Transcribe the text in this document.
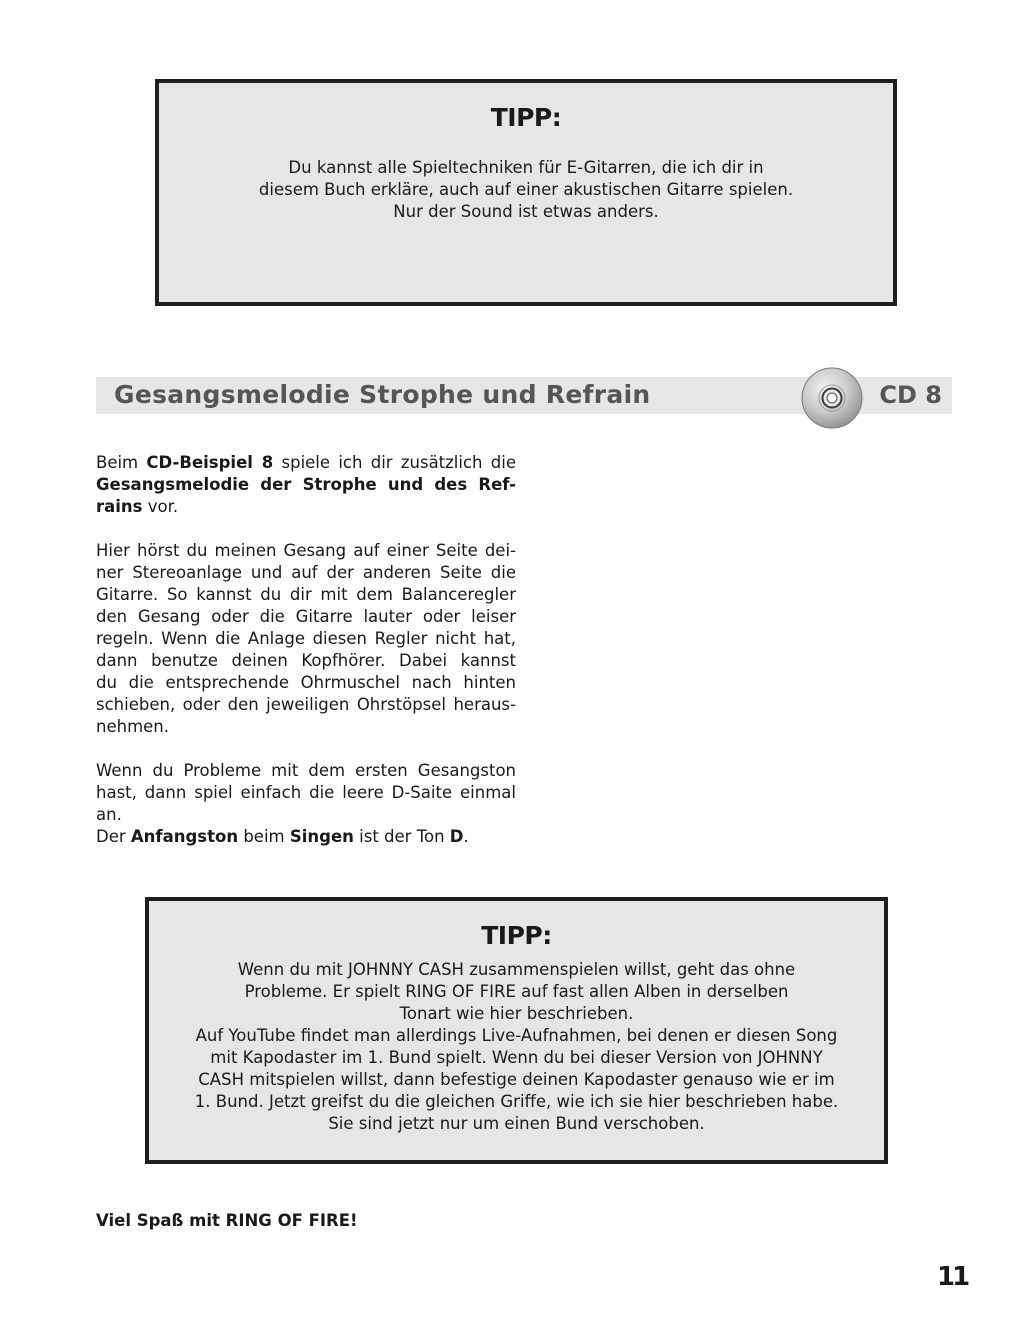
TIPP:
Du kannst alle Spieltechniken für E-Gitarren, die ich dir in
diesem Buch erkläre, auch auf einer akustischen Gitarre spielen.
Nur der Sound ist etwas anders.
Gesangsmelodie Strophe und Refrain	CD 8
Beim CD-Beispiel 8 spiele ich dir zusätzlich die
Gesangsmelodie der Strophe und des Ref-
rains vor.
Hier hörst du meinen Gesang auf einer Seite dei-
ner Stereoanlage und auf der anderen Seite die
Gitarre. So kannst du dir mit dem Balanceregler
den Gesang oder die Gitarre lauter oder leiser
regeln. Wenn die Anlage diesen Regler nicht hat,
dann benutze deinen Kopfhörer. Dabei kannst
du die entsprechende Ohrmuschel nach hinten
schieben, oder den jeweiligen Ohrstöpsel heraus-
nehmen.
Wenn du Probleme mit dem ersten Gesangston
hast, dann spiel einfach die leere D-Saite einmal
an.
Der Anfangston beim Singen ist der Ton D.
TIPP:
Wenn du mit JOHNNY CASH zusammenspielen willst, geht das ohne
Probleme. Er spielt RING OF FIRE auf fast allen Alben in derselben
Tonart wie hier beschrieben.
Auf YouTube findet man allerdings Live-Aufnahmen, bei denen er diesen Song
mit Kapodaster im 1. Bund spielt. Wenn du bei dieser Version von JOHNNY
CASH mitspielen willst, dann befestige deinen Kapodaster genauso wie er im
1. Bund. Jetzt greifst du die gleichen Griffe, wie ich sie hier beschrieben habe.
Sie sind jetzt nur um einen Bund verschoben.
Viel Spaß mit RING OF FIRE!
11
